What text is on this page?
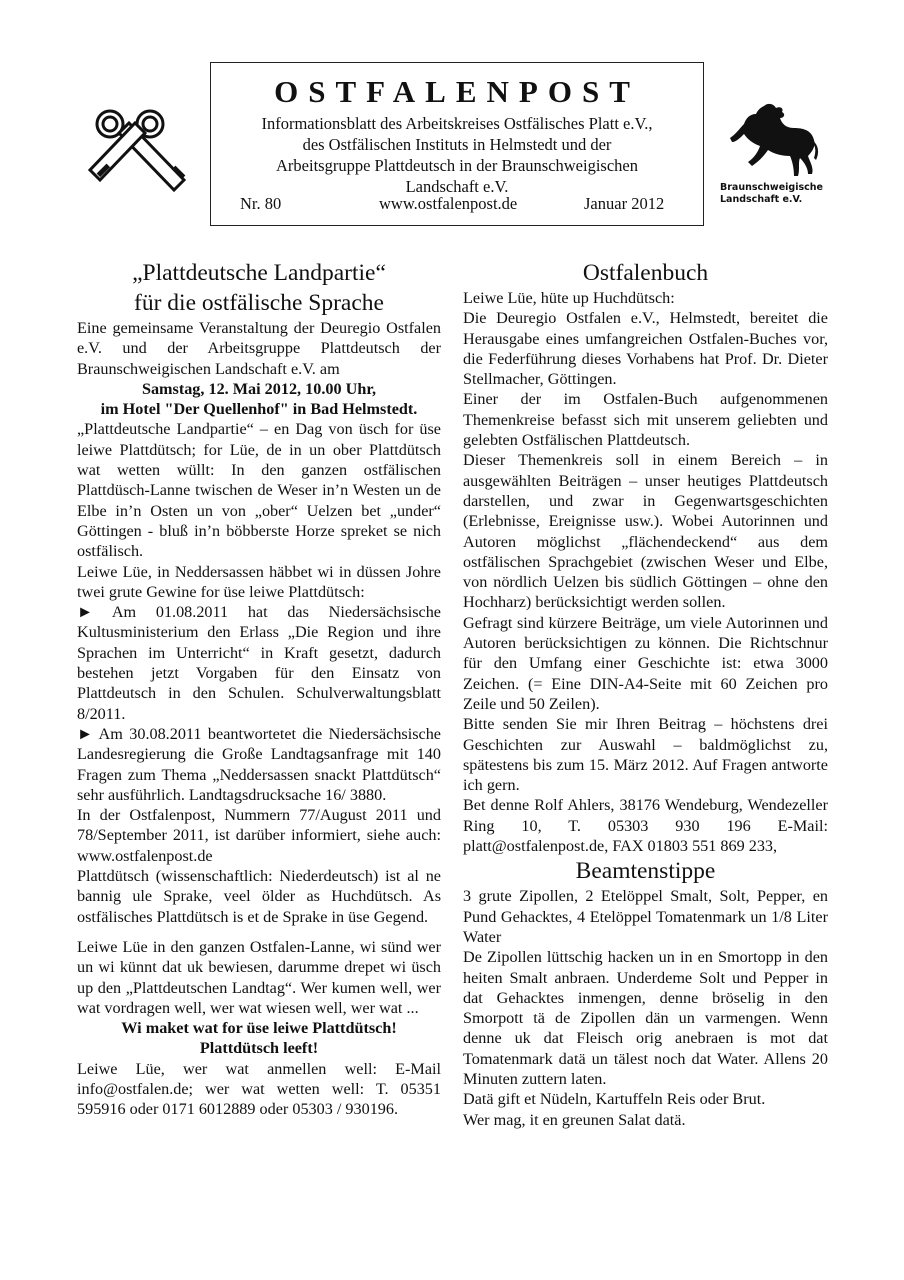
OSTFALENPOST
Informationsblatt des Arbeitskreises Ostfälisches Platt e.V.,
des Ostfälischen Instituts in Helmstedt und der
Arbeitsgruppe Plattdeutsch in der Braunschweigischen
Landschaft e.V.
Nr. 80	www.ostfalenpost.de	Januar 2012
Braunschweigische
Landschaft e.V.
„Plattdeutsche Landpartie“
für die ostfälische Sprache

Eine gemeinsame Veranstaltung der Deuregio Ostfalen e.V. und der Arbeitsgruppe Plattdeutsch der Braunschweigischen Landschaft e.V. am

Samstag, 12. Mai 2012, 10.00 Uhr,

im Hotel "Der Quellenhof" in Bad Helmstedt.

„Plattdeutsche Landpartie“ – en Dag von üsch for üse leiwe Plattdütsch; for Lüe, de in un ober Plattdütsch wat wetten wüllt: In den ganzen ostfälischen Plattdüsch-Lanne twischen de Weser in’n Westen un de Elbe in’n Osten un von „ober“ Uelzen bet „under“ Göttingen - bluß in’n böbberste Horze spreket se nich ostfälisch.

Leiwe Lüe, in Neddersassen häbbet wi in düssen Johre twei grute Gewine for üse leiwe Plattdütsch:

► Am 01.08.2011 hat das Niedersächsische Kultusministerium den Erlass „Die Region und ihre Sprachen im Unterricht“ in Kraft gesetzt, dadurch bestehen jetzt Vorgaben für den Einsatz von Plattdeutsch in den Schulen. Schulverwaltungsblatt 8/2011.

► Am 30.08.2011 beantwortetet die Niedersächsische Landesregierung die Große Landtagsanfrage mit 140 Fragen zum Thema „Neddersassen snackt Plattdütsch“ sehr ausführlich. Landtagsdrucksache 16/ 3880.

In der Ostfalenpost, Nummern 77/August 2011 und 78/September 2011, ist darüber informiert, siehe auch: www.ostfalenpost.de

Plattdütsch (wissenschaftlich: Niederdeutsch) ist al ne bannig ule Sprake, veel ölder as Huchdütsch. As ostfälisches Plattdütsch is et de Sprake in üse Gegend.

Leiwe Lüe in den ganzen Ostfalen-Lanne, wi sünd wer un wi künnt dat uk bewiesen, darumme drepet wi üsch up den „Plattdeutschen Landtag“. Wer kumen well, wer wat vordragen well, wer wat wiesen well, wer wat ...

Wi maket wat for üse leiwe Plattdütsch!

Plattdütsch leeft!

Leiwe Lüe, wer wat anmellen well: E-Mail info@ostfalen.de; wer wat wetten well: T. 05351 595916 oder 0171 6012889 oder 05303 / 930196.

Ostfalenbuch

Leiwe Lüe, hüte up Huchdütsch:

Die Deuregio Ostfalen e.V., Helmstedt, bereitet die Herausgabe eines umfangreichen Ostfalen-Buches vor, die Federführung dieses Vorhabens hat Prof. Dr. Dieter Stellmacher, Göttingen.

Einer der im Ostfalen-Buch aufgenommenen Themenkreise befasst sich mit unserem geliebten und gelebten Ostfälischen Plattdeutsch.

Dieser Themenkreis soll in einem Bereich – in ausgewählten Beiträgen – unser heutiges Plattdeutsch darstellen, und zwar in Gegenwartsgeschichten (Erlebnisse, Ereignisse usw.). Wobei Autorinnen und Autoren möglichst „flächendeckend“ aus dem ostfälischen Sprachgebiet (zwischen Weser und Elbe, von nördlich Uelzen bis südlich Göttingen – ohne den Hochharz) berücksichtigt werden sollen.

Gefragt sind kürzere Beiträge, um viele Autorinnen und Autoren berücksichtigen zu können. Die Richtschnur für den Umfang einer Geschichte ist: etwa 3000 Zeichen. (= Eine DIN-A4-Seite mit 60 Zeichen pro Zeile und 50 Zeilen).

Bitte senden Sie mir Ihren Beitrag – höchstens drei Geschichten zur Auswahl – baldmöglichst zu, spätestens bis zum 15. März 2012. Auf Fragen antworte ich gern.

Bet denne Rolf Ahlers, 38176 Wendeburg, Wendezeller Ring 10, T. 05303 930 196 E-Mail: platt@ostfalenpost.de, FAX 01803 551 869 233,

Beamtenstippe

3 grute Zipollen, 2 Etelöppel Smalt, Solt, Pepper, en Pund Gehacktes, 4 Etelöppel Tomatenmark un 1/8 Liter Water

De Zipollen lüttschig hacken un in en Smortopp in den heiten Smalt anbraen. Underdeme Solt und Pepper in dat Gehacktes inmengen, denne bröselig in den Smorpott tä de Zipollen dän un varmengen. Wenn denne uk dat Fleisch orig anebraen is mot dat Tomatenmark datä un tälest noch dat Water. Allens 20 Minuten zuttern laten.

Datä gift et Nüdeln, Kartuffeln Reis oder Brut.

Wer mag, it en greunen Salat datä.
